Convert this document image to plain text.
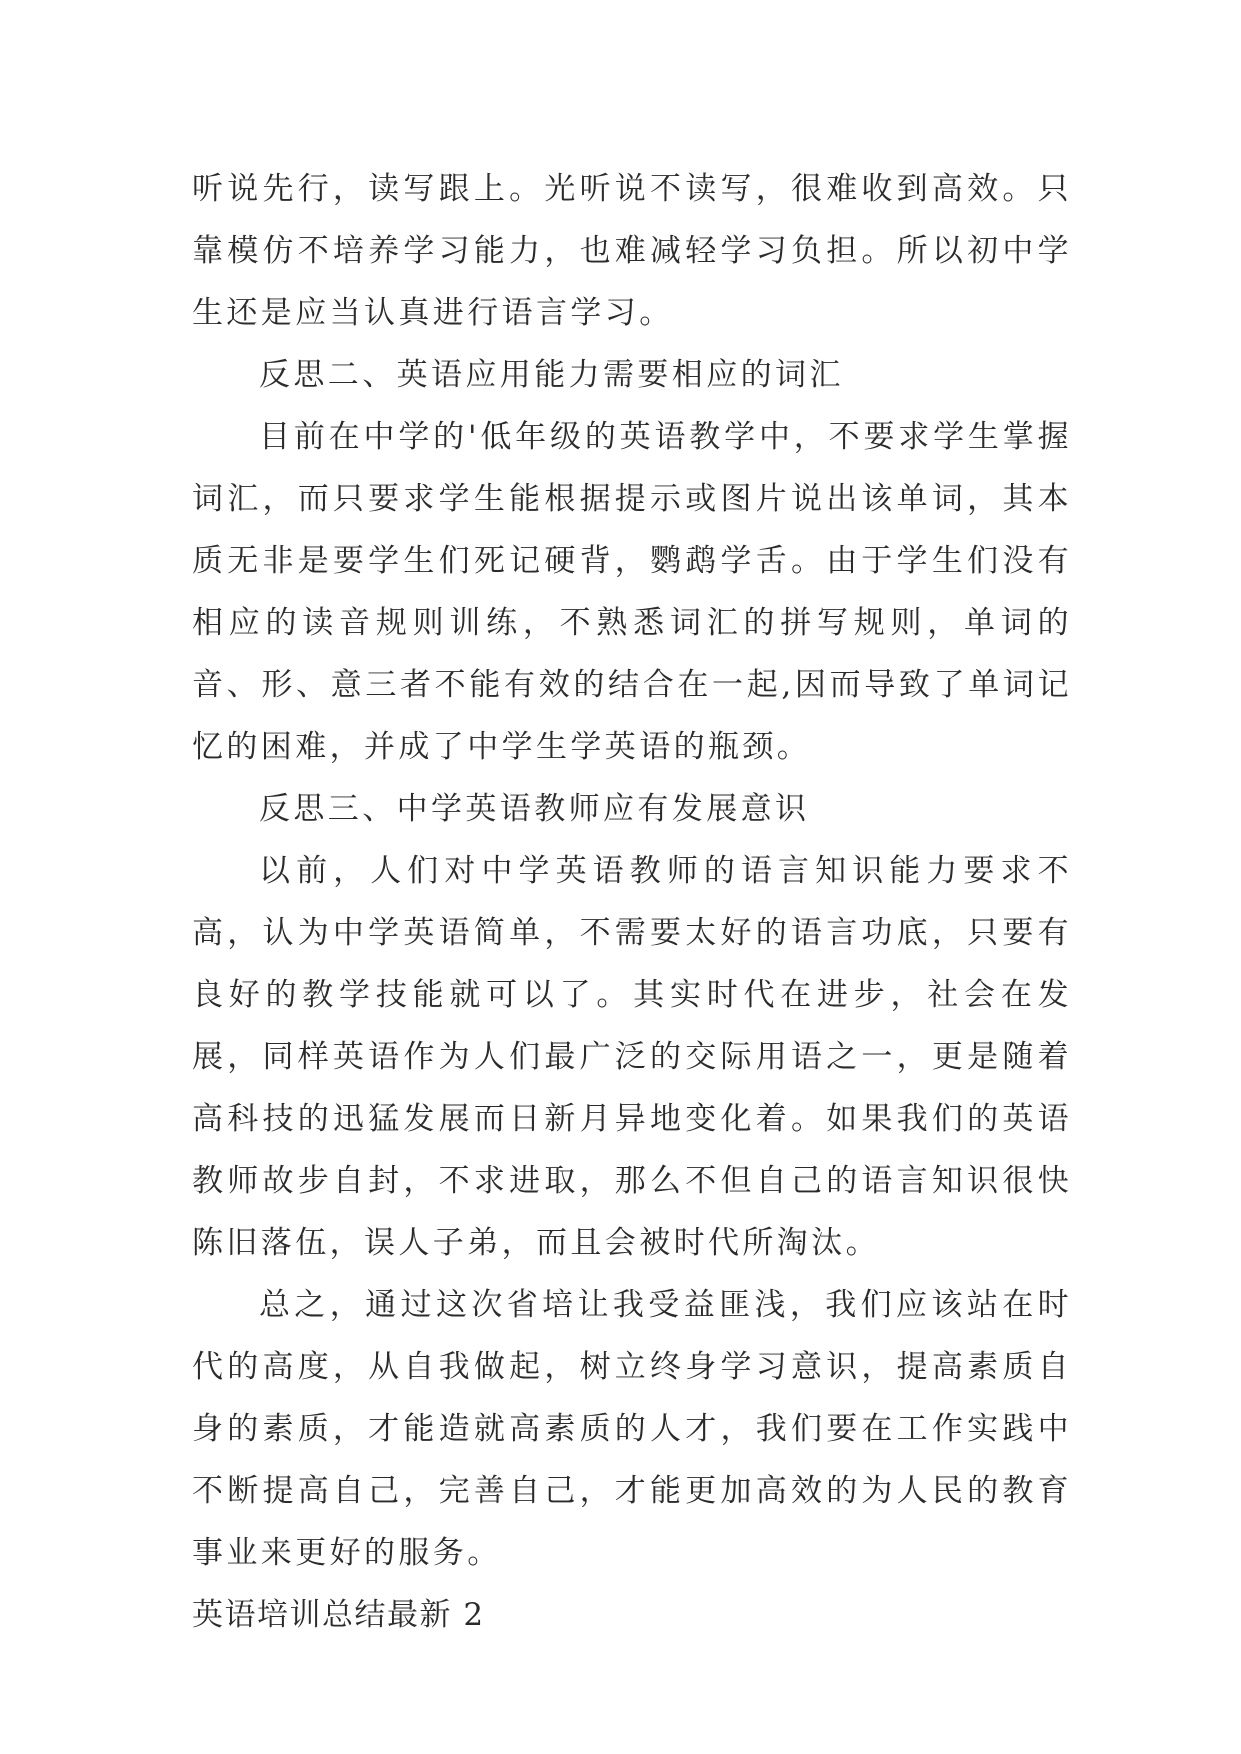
听说先行，读写跟上。光听说不读写，很难收到高效。只靠模仿不培养学习能力，也难减轻学习负担。所以初中学生还是应当认真进行语言学习。

反思二、英语应用能力需要相应的词汇

目前在中学的'低年级的英语教学中，不要求学生掌握词汇，而只要求学生能根据提示或图片说出该单词，其本质无非是要学生们死记硬背，鹦鹉学舌。由于学生们没有相应的读音规则训练，不熟悉词汇的拼写规则，单词的音、形、意三者不能有效的结合在一起,因而导致了单词记忆的困难，并成了中学生学英语的瓶颈。

反思三、中学英语教师应有发展意识

以前，人们对中学英语教师的语言知识能力要求不高，认为中学英语简单，不需要太好的语言功底，只要有良好的教学技能就可以了。其实时代在进步，社会在发展，同样英语作为人们最广泛的交际用语之一，更是随着高科技的迅猛发展而日新月异地变化着。如果我们的英语教师故步自封，不求进取，那么不但自己的语言知识很快陈旧落伍，误人子弟，而且会被时代所淘汰。

总之，通过这次省培让我受益匪浅，我们应该站在时代的高度，从自我做起，树立终身学习意识，提高素质自身的素质，才能造就高素质的人才，我们要在工作实践中不断提高自己，完善自己，才能更加高效的为人民的教育事业来更好的服务。

英语培训总结最新 2
